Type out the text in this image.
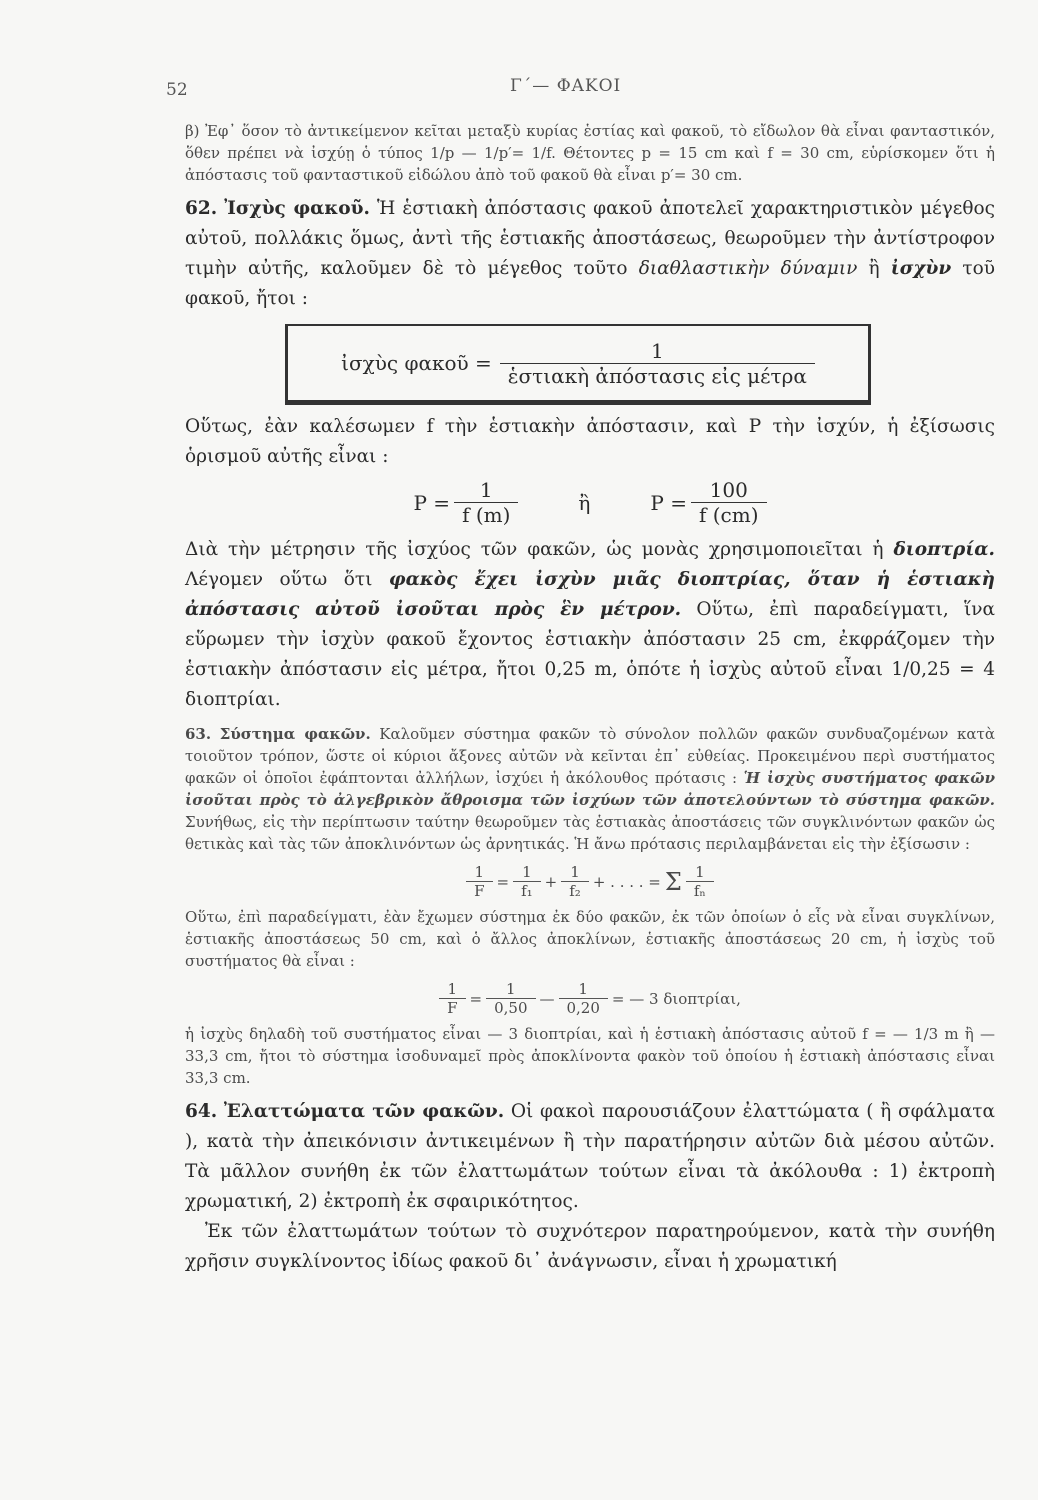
52	Γ΄— ΦΑΚΟΙ

β) Ἐφ᾽ ὅσον τὸ ἀντικείμενον κεῖται μεταξὺ κυρίας ἑστίας καὶ φακοῦ, τὸ εἴδωλον θὰ εἶναι φανταστικόν, ὅθεν πρέπει νὰ ἰσχύῃ ὁ τύπος 1/p — 1/p′= 1/f. Θέτοντες p = 15 cm καὶ f = 30 cm, εὑρίσκομεν ὅτι ἡ ἀπόστασις τοῦ φανταστικοῦ εἰδώλου ἀπὸ τοῦ φακοῦ θὰ εἶναι p′= 30 cm.

62. Ἰσχὺς φακοῦ. Ἡ ἑστιακὴ ἀπόστασις φακοῦ ἀποτελεῖ χαρακτηριστικὸν μέγεθος αὐτοῦ, πολλάκις ὅμως, ἀντὶ τῆς ἑστιακῆς ἀποστάσεως, θεωροῦμεν τὴν ἀντίστροφον τιμὴν αὐτῆς, καλοῦμεν δὲ τὸ μέγεθος τοῦτο διαθλαστικὴν δύναμιν ἢ ἰσχὺν τοῦ φακοῦ, ἤτοι :

ἰσχὺς φακοῦ = $\frac{1}{\text{ἑστιακὴ ἀπόστασις εἰς μέτρα}}$

Οὕτως, ἐὰν καλέσωμεν f τὴν ἑστιακὴν ἀπόστασιν, καὶ P τὴν ἰσχύν, ἡ ἐξίσωσις ὁρισμοῦ αὐτῆς εἶναι :

$P = \frac{1}{f (m)}$	ἢ	$P = \frac{100}{f (cm)}$

Διὰ τὴν μέτρησιν τῆς ἰσχύος τῶν φακῶν, ὡς μονὰς χρησιμοποιεῖται ἡ διοπτρία. Λέγομεν οὕτω ὅτι φακὸς ἔχει ἰσχὺν μιᾶς διοπτρίας, ὅταν ἡ ἑστιακὴ ἀπόστασις αὐτοῦ ἰσοῦται πρὸς ἓν μέτρον. Οὕτω, ἐπὶ παραδείγματι, ἵνα εὕρωμεν τὴν ἰσχὺν φακοῦ ἔχοντος ἑστιακὴν ἀπόστασιν 25 cm, ἐκφράζομεν τὴν ἑστιακὴν ἀπόστασιν εἰς μέτρα, ἤτοι 0,25 m, ὁπότε ἡ ἰσχὺς αὐτοῦ εἶναι 1/0,25 = 4 διοπτρίαι.

63. Σύστημα φακῶν. Καλοῦμεν σύστημα φακῶν τὸ σύνολον πολλῶν φακῶν συνδυαζομένων κατὰ τοιοῦτον τρόπον, ὥστε οἱ κύριοι ἄξονες αὐτῶν νὰ κεῖνται ἐπ᾽ εὐθείας. Προκειμένου περὶ συστήματος φακῶν οἱ ὁποῖοι ἐφάπτονται ἀλλήλων, ἰσχύει ἡ ἀκόλουθος πρότασις : Ἡ ἰσχὺς συστήματος φακῶν ἰσοῦται πρὸς τὸ ἀλγεβρικὸν ἄθροισμα τῶν ἰσχύων τῶν ἀποτελούντων τὸ σύστημα φακῶν. Συνήθως, εἰς τὴν περίπτωσιν ταύτην θεωροῦμεν τὰς ἑστιακὰς ἀποστάσεις τῶν συγκλινόντων φακῶν ὡς θετικὰς καὶ τὰς τῶν ἀποκλινόντων ὡς ἀρνητικάς. Ἡ ἄνω πρότασις περιλαμβάνεται εἰς τὴν ἐξίσωσιν :

$\frac{1}{F} = \frac{1}{\text{f₁}} + \frac{1}{\text{f₂}}$ + . . . . = Σ $\frac{1}{\text{fₙ}}$

Οὕτω, ἐπὶ παραδείγματι, ἐὰν ἔχωμεν σύστημα ἐκ δύο φακῶν, ἐκ τῶν ὁποίων ὁ εἷς νὰ εἶναι συγκλίνων, ἑστιακῆς ἀποστάσεως 50 cm, καὶ ὁ ἄλλος ἀποκλίνων, ἑστιακῆς ἀποστάσεως 20 cm, ἡ ἰσχὺς τοῦ συστήματος θὰ εἶναι :

$\frac{1}{F} = \frac{1}{0,50}$ — $\frac{1}{0,20}$ = — 3 διοπτρίαι,

ἡ ἰσχὺς δηλαδὴ τοῦ συστήματος εἶναι — 3 διοπτρίαι, καὶ ἡ ἑστιακὴ ἀπόστασις αὐτοῦ f = — 1/3 m ἢ — 33,3 cm, ἤτοι τὸ σύστημα ἰσοδυναμεῖ πρὸς ἀποκλίνοντα φακὸν τοῦ ὁποίου ἡ ἑστιακὴ ἀπόστασις εἶναι 33,3 cm.

64. Ἐλαττώματα τῶν φακῶν. Οἱ φακοὶ παρουσιάζουν ἐλαττώματα ( ἢ σφάλματα ), κατὰ τὴν ἀπεικόνισιν ἀντικειμένων ἢ τὴν παρατήρησιν αὐτῶν διὰ μέσου αὐτῶν. Τὰ μᾶλλον συνήθη ἐκ τῶν ἐλαττωμάτων τούτων εἶναι τὰ ἀκόλουθα : 1) ἐκτροπὴ χρωματική, 2) ἐκτροπὴ ἐκ σφαιρικότητος.

Ἐκ τῶν ἐλαττωμάτων τούτων τὸ συχνότερον παρατηρούμενον, κατὰ τὴν συνήθη χρῆσιν συγκλίνοντος ἰδίως φακοῦ δι᾽ ἀνάγνωσιν, εἶναι ἡ χρωματική
